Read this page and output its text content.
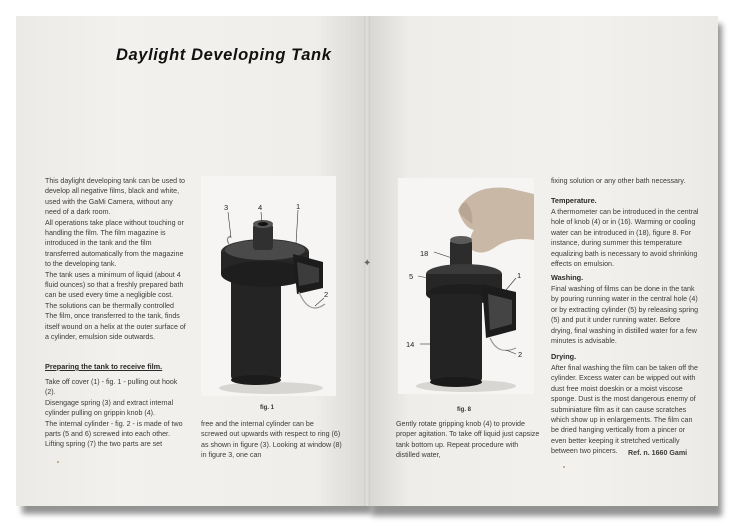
✦
Daylight Developing Tank

This daylight developing tank can be used to develop all negative films, black and white, used with the GaMi Camera, without any need of a dark room.

All operations take place without touching or handling the film. The film magazine is introduced in the tank and the film transferred automatically from the magazine to the developing tank.

The tank uses a minimum of liquid (about 4 fluid ounces) so that a freshly prepared bath can be used every time a negligible cost.

The solutions can be thermally controlled

The film, once transferred to the tank, finds itself wound on a helix at the outer surface of a cylinder, emulsion side outwards.

Preparing the tank to receive film.

Take off cover (1) - fig. 1 - pulling out hook (2).

Disengage spring (3) and extract internal cylinder pulling on grippin knob (4).

The internal cylinder - fig. 2 - is made of two parts (5 and 6) screwed into each other.

Lifting spring (7) the two parts are set

3	4	1
2
fig. 1
free and the internal cylinder can be screwed out upwards with respect to ring (6) as shown in figure (3). Looking at window (8) in figure 3, one can
18
5	1
14
2
fig. 8
Gently rotate gripping knob (4) to provide proper agitation. To take off liquid just capsize tank bottom up. Repeat procedure with distilled water,
fixing solution or any other bath necessary.
Temperature.
A thermometer can be introduced in the central hole of knob (4) or in (16). Warming or cooling water can be introduced in (18), figure 8. For instance, during summer this temperature equalizing bath is necessary to avoid shrinking effects on emulsion.
Washing.
Final washing of films can be done in the tank by pouring running water in the central hole (4) or by extracting cylinder (5) by releasing spring (5) and put it under running water. Before drying, final washing in distilled water for a few minutes is advisable.
Drying.
After final washing the film can be taken off the cylinder. Excess water can be wipped out with dust free moist doeskin or a moist viscose sponge. Dust is the most dangerous enemy of subminiature film as it can cause scratches which show up in enlargements. The film can be dried hanging vertically from a pincer or even better keeping it stretched vertically between two pincers.	Ref. n. 1660 Gami
